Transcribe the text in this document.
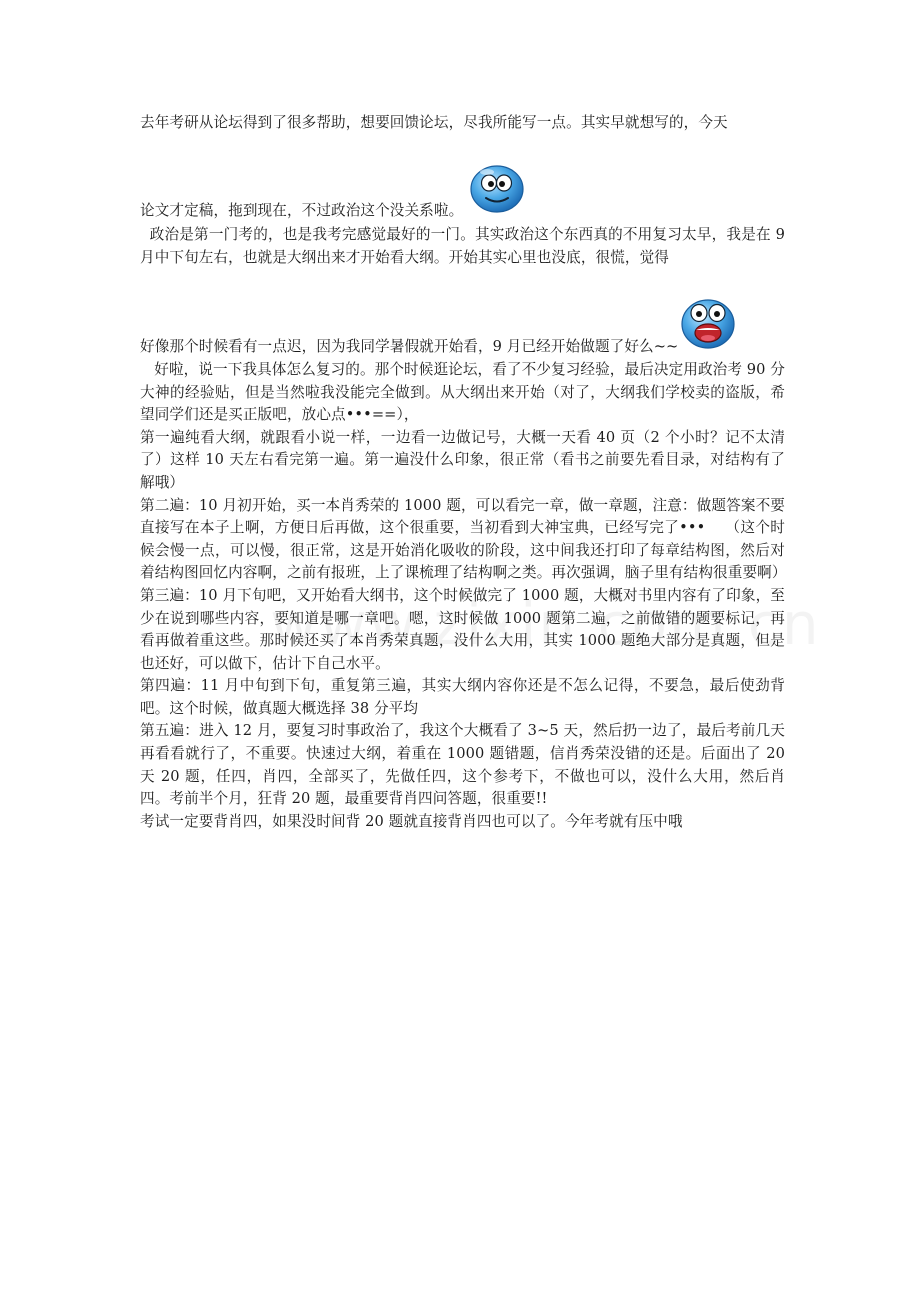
去年考研从论坛得到了很多帮助，想要回馈论坛，尽我所能写一点。其实早就想写的，今天

论文才定稿，拖到现在，不过政治这个没关系啦。

政治是第一门考的，也是我考完感觉最好的一门。其实政治这个东西真的不用复习太早，我是在 9 月中下旬左右，也就是大纲出来才开始看大纲。开始其实心里也没底，很慌，觉得

好像那个时候看有一点迟，因为我同学暑假就开始看，9 月已经开始做题了好么~~

好啦，说一下我具体怎么复习的。那个时候逛论坛，看了不少复习经验，最后决定用政治考 90 分大神的经验贴，但是当然啦我没能完全做到。从大纲出来开始（对了，大纲我们学校卖的盗版，希望同学们还是买正版吧，放心点•••==），

第一遍纯看大纲，就跟看小说一样，一边看一边做记号，大概一天看 40 页（2 个小时？记不太清了）这样 10 天左右看完第一遍。第一遍没什么印象，很正常（看书之前要先看目录，对结构有了解哦）

第二遍：10 月初开始，买一本肖秀荣的 1000 题，可以看完一章，做一章题，注意：做题答案不要直接写在本子上啊，方便日后再做，这个很重要，当初看到大神宝典，已经写完了•••    （这个时候会慢一点，可以慢，很正常，这是开始消化吸收的阶段，这中间我还打印了每章结构图，然后对着结构图回忆内容啊，之前有报班，上了课梳理了结构啊之类。再次强调，脑子里有结构很重要啊）

第三遍：10 月下旬吧，又开始看大纲书，这个时候做完了 1000 题，大概对书里内容有了印象，至少在说到哪些内容，要知道是哪一章吧。嗯，这时候做 1000 题第二遍，之前做错的题要标记，再看再做着重这些。那时候还买了本肖秀荣真题，没什么大用，其实 1000 题绝大部分是真题，但是也还好，可以做下，估计下自己水平。

第四遍：11 月中旬到下旬，重复第三遍，其实大纲内容你还是不怎么记得，不要急，最后使劲背吧。这个时候，做真题大概选择 38 分平均

第五遍：进入 12 月，要复习时事政治了，我这个大概看了 3~5 天，然后扔一边了，最后考前几天再看看就行了，不重要。快速过大纲，着重在 1000 题错题，信肖秀荣没错的还是。后面出了 20 天 20 题，任四，肖四，全部买了，先做任四，这个参考下，不做也可以，没什么大用，然后肖四。考前半个月，狂背 20 题，最重要背肖四问答题，很重要!!

考试一定要背肖四，如果没时间背 20 题就直接背肖四也可以了。今年考就有压中哦
